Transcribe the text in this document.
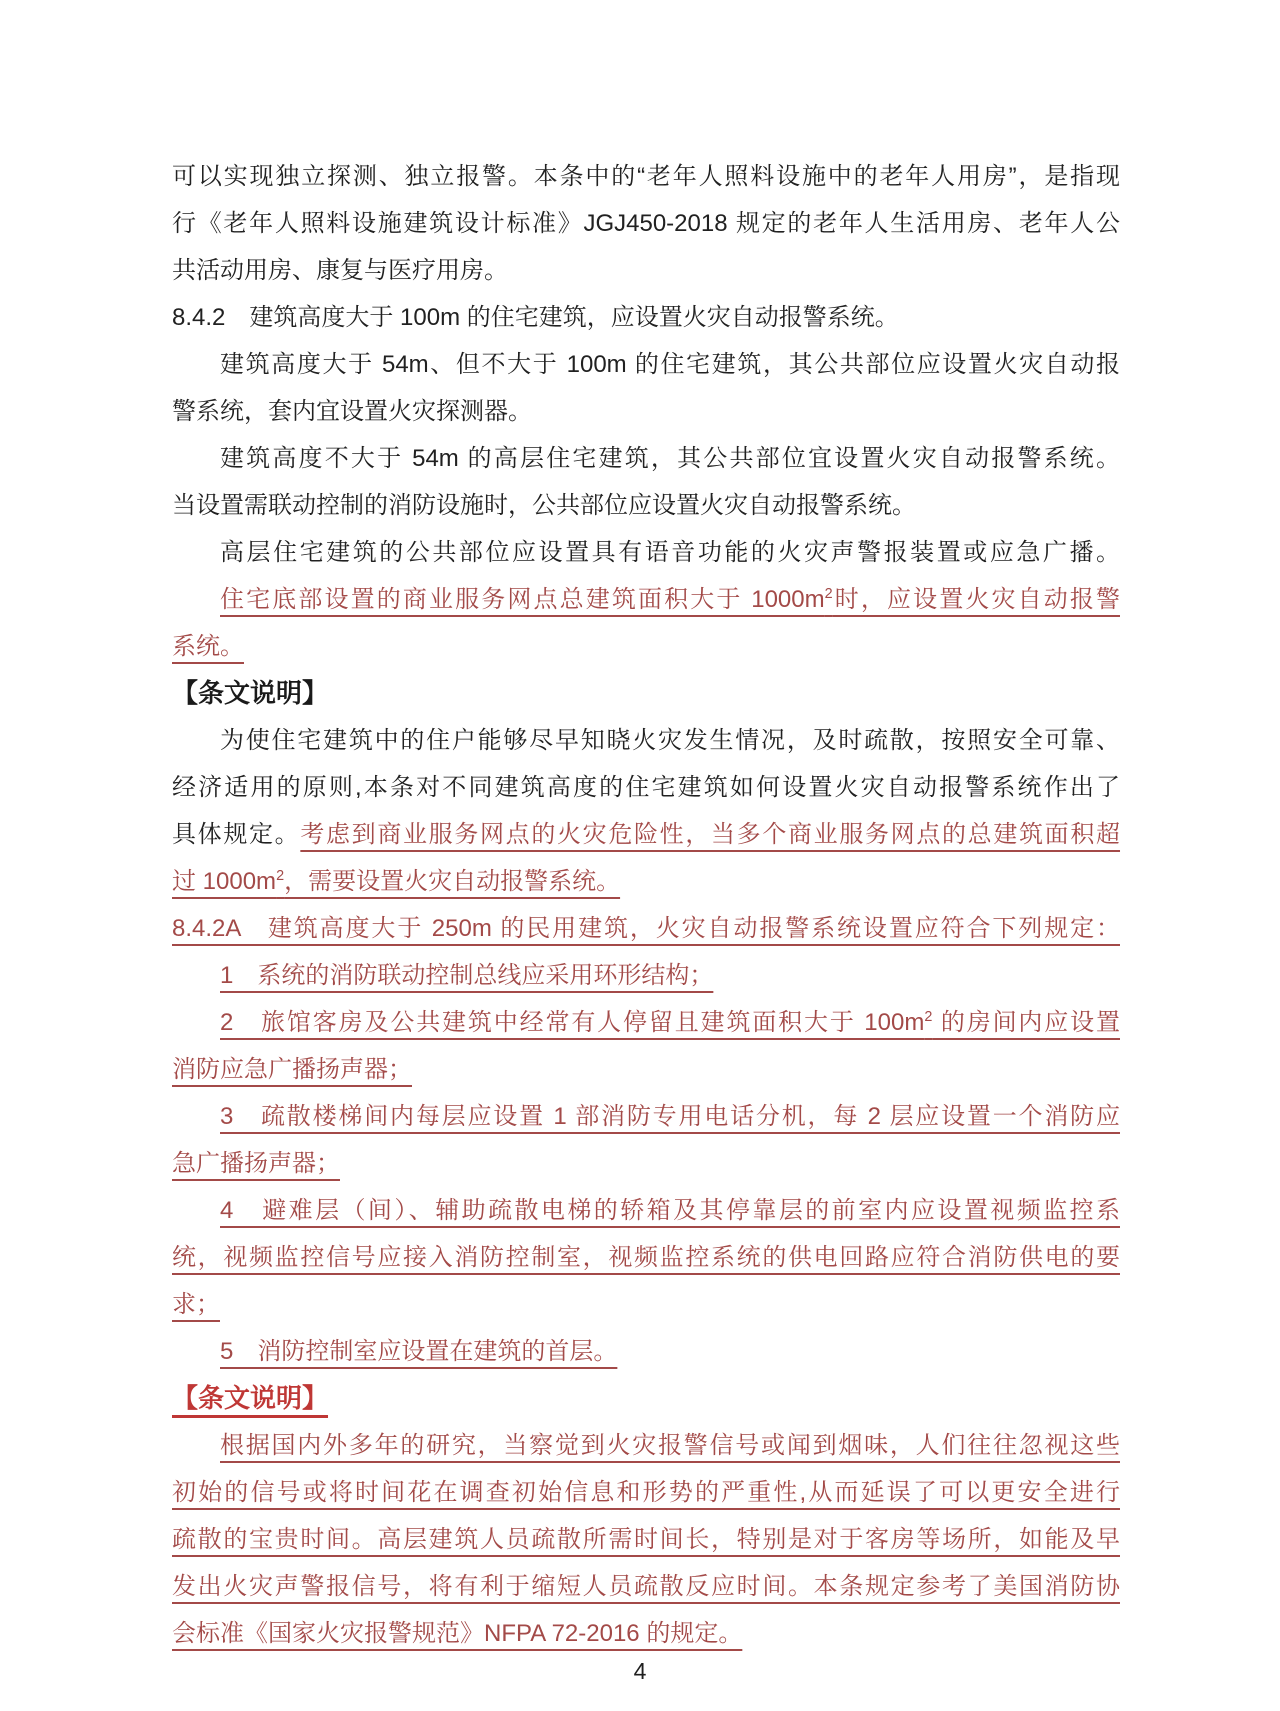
可以实现独立探测、独立报警。本条中的“老年人照料设施中的老年人用房”，是指现
行《老年人照料设施建筑设计标准》JGJ450-2018 规定的老年人生活用房、老年人公
共活动用房、康复与医疗用房。
8.4.2　建筑高度大于 100m 的住宅建筑，应设置火灾自动报警系统。
建筑高度大于 54m、但不大于 100m 的住宅建筑，其公共部位应设置火灾自动报
警系统，套内宜设置火灾探测器。
建筑高度不大于 54m 的高层住宅建筑，其公共部位宜设置火灾自动报警系统。
当设置需联动控制的消防设施时，公共部位应设置火灾自动报警系统。
高层住宅建筑的公共部位应设置具有语音功能的火灾声警报装置或应急广播。
住宅底部设置的商业服务网点总建筑面积大于 $1000m^2$时，应设置火灾自动报警
系统。
【条文说明】
为使住宅建筑中的住户能够尽早知晓火灾发生情况，及时疏散，按照安全可靠、
经济适用的原则,本条对不同建筑高度的住宅建筑如何设置火灾自动报警系统作出了
具体规定。考虑到商业服务网点的火灾危险性，当多个商业服务网点的总建筑面积超
过 $1000m^2$，需要设置火灾自动报警系统。
8.4.2A　建筑高度大于 250m 的民用建筑，火灾自动报警系统设置应符合下列规定：
1　系统的消防联动控制总线应采用环形结构；
2　旅馆客房及公共建筑中经常有人停留且建筑面积大于 $100m^2$ 的房间内应设置
消防应急广播扬声器；
3　疏散楼梯间内每层应设置 1 部消防专用电话分机，每 2 层应设置一个消防应
急广播扬声器；
4　避难层（间）、辅助疏散电梯的轿箱及其停靠层的前室内应设置视频监控系
统，视频监控信号应接入消防控制室，视频监控系统的供电回路应符合消防供电的要
求；
5　消防控制室应设置在建筑的首层。
【条文说明】
根据国内外多年的研究，当察觉到火灾报警信号或闻到烟味，人们往往忽视这些
初始的信号或将时间花在调查初始信息和形势的严重性,从而延误了可以更安全进行
疏散的宝贵时间。高层建筑人员疏散所需时间长，特别是对于客房等场所，如能及早
发出火灾声警报信号，将有利于缩短人员疏散反应时间。本条规定参考了美国消防协
会标准《国家火灾报警规范》NFPA 72-2016 的规定。
4
